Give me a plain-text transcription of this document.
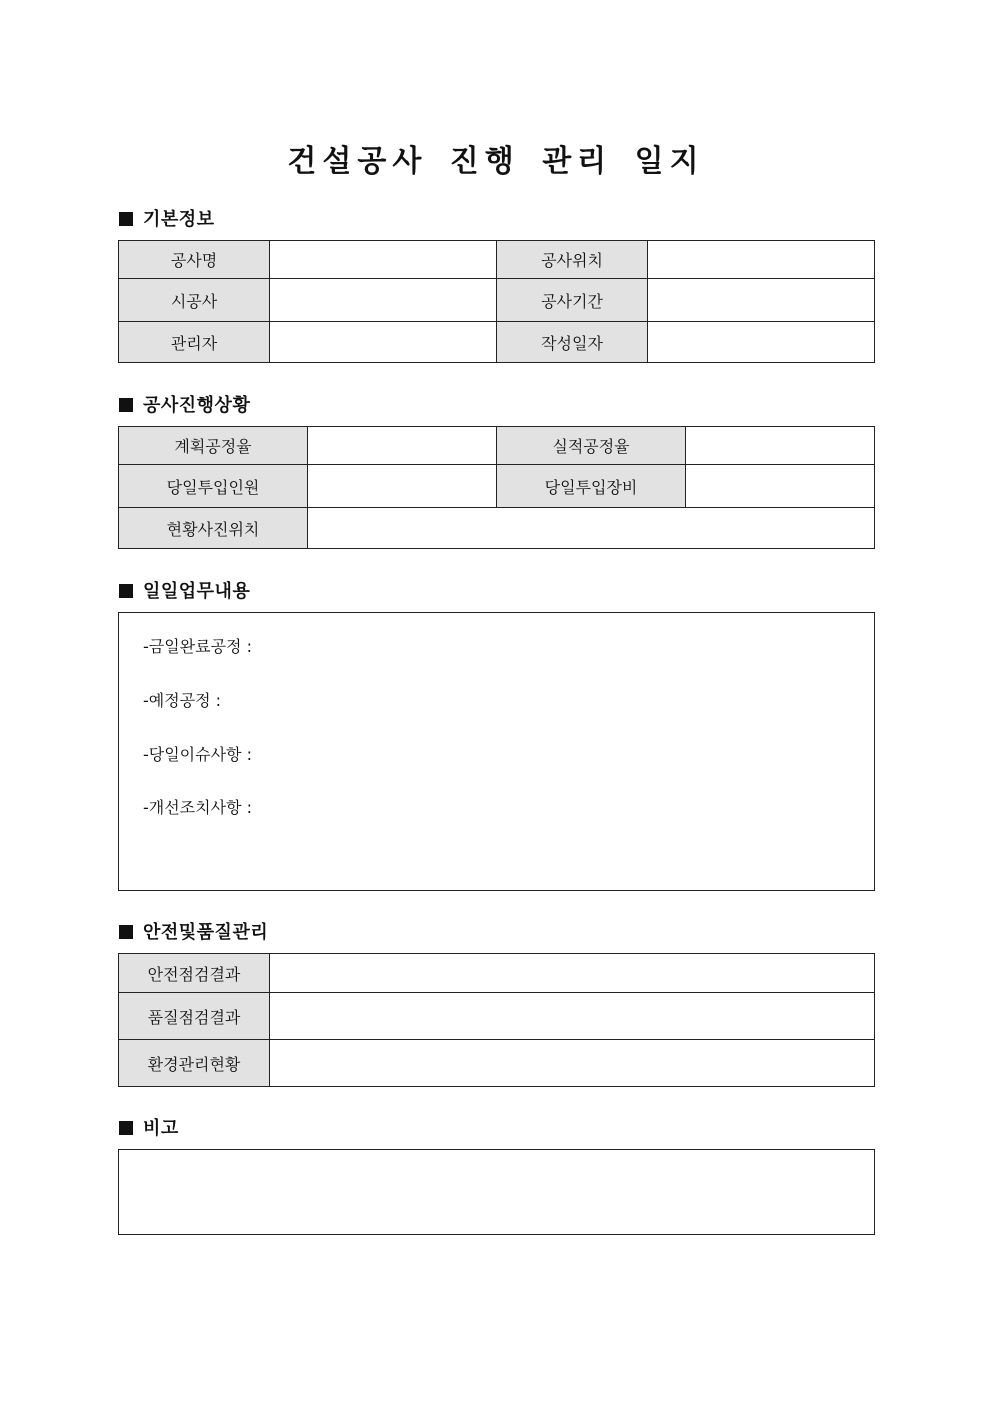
건설공사 진행 관리 일지
기본정보
공사명	공사위치
시공사	공사기간
관리자	작성일자
공사진행상황
계획공정율	실적공정율
당일투입인원	당일투입장비
현황사진위치
일일업무내용
-금일완료공정 :
-예정공정 :
-당일이슈사항 :
-개선조치사항 :
안전및품질관리
안전점검결과
품질점검결과
환경관리현황
비고
